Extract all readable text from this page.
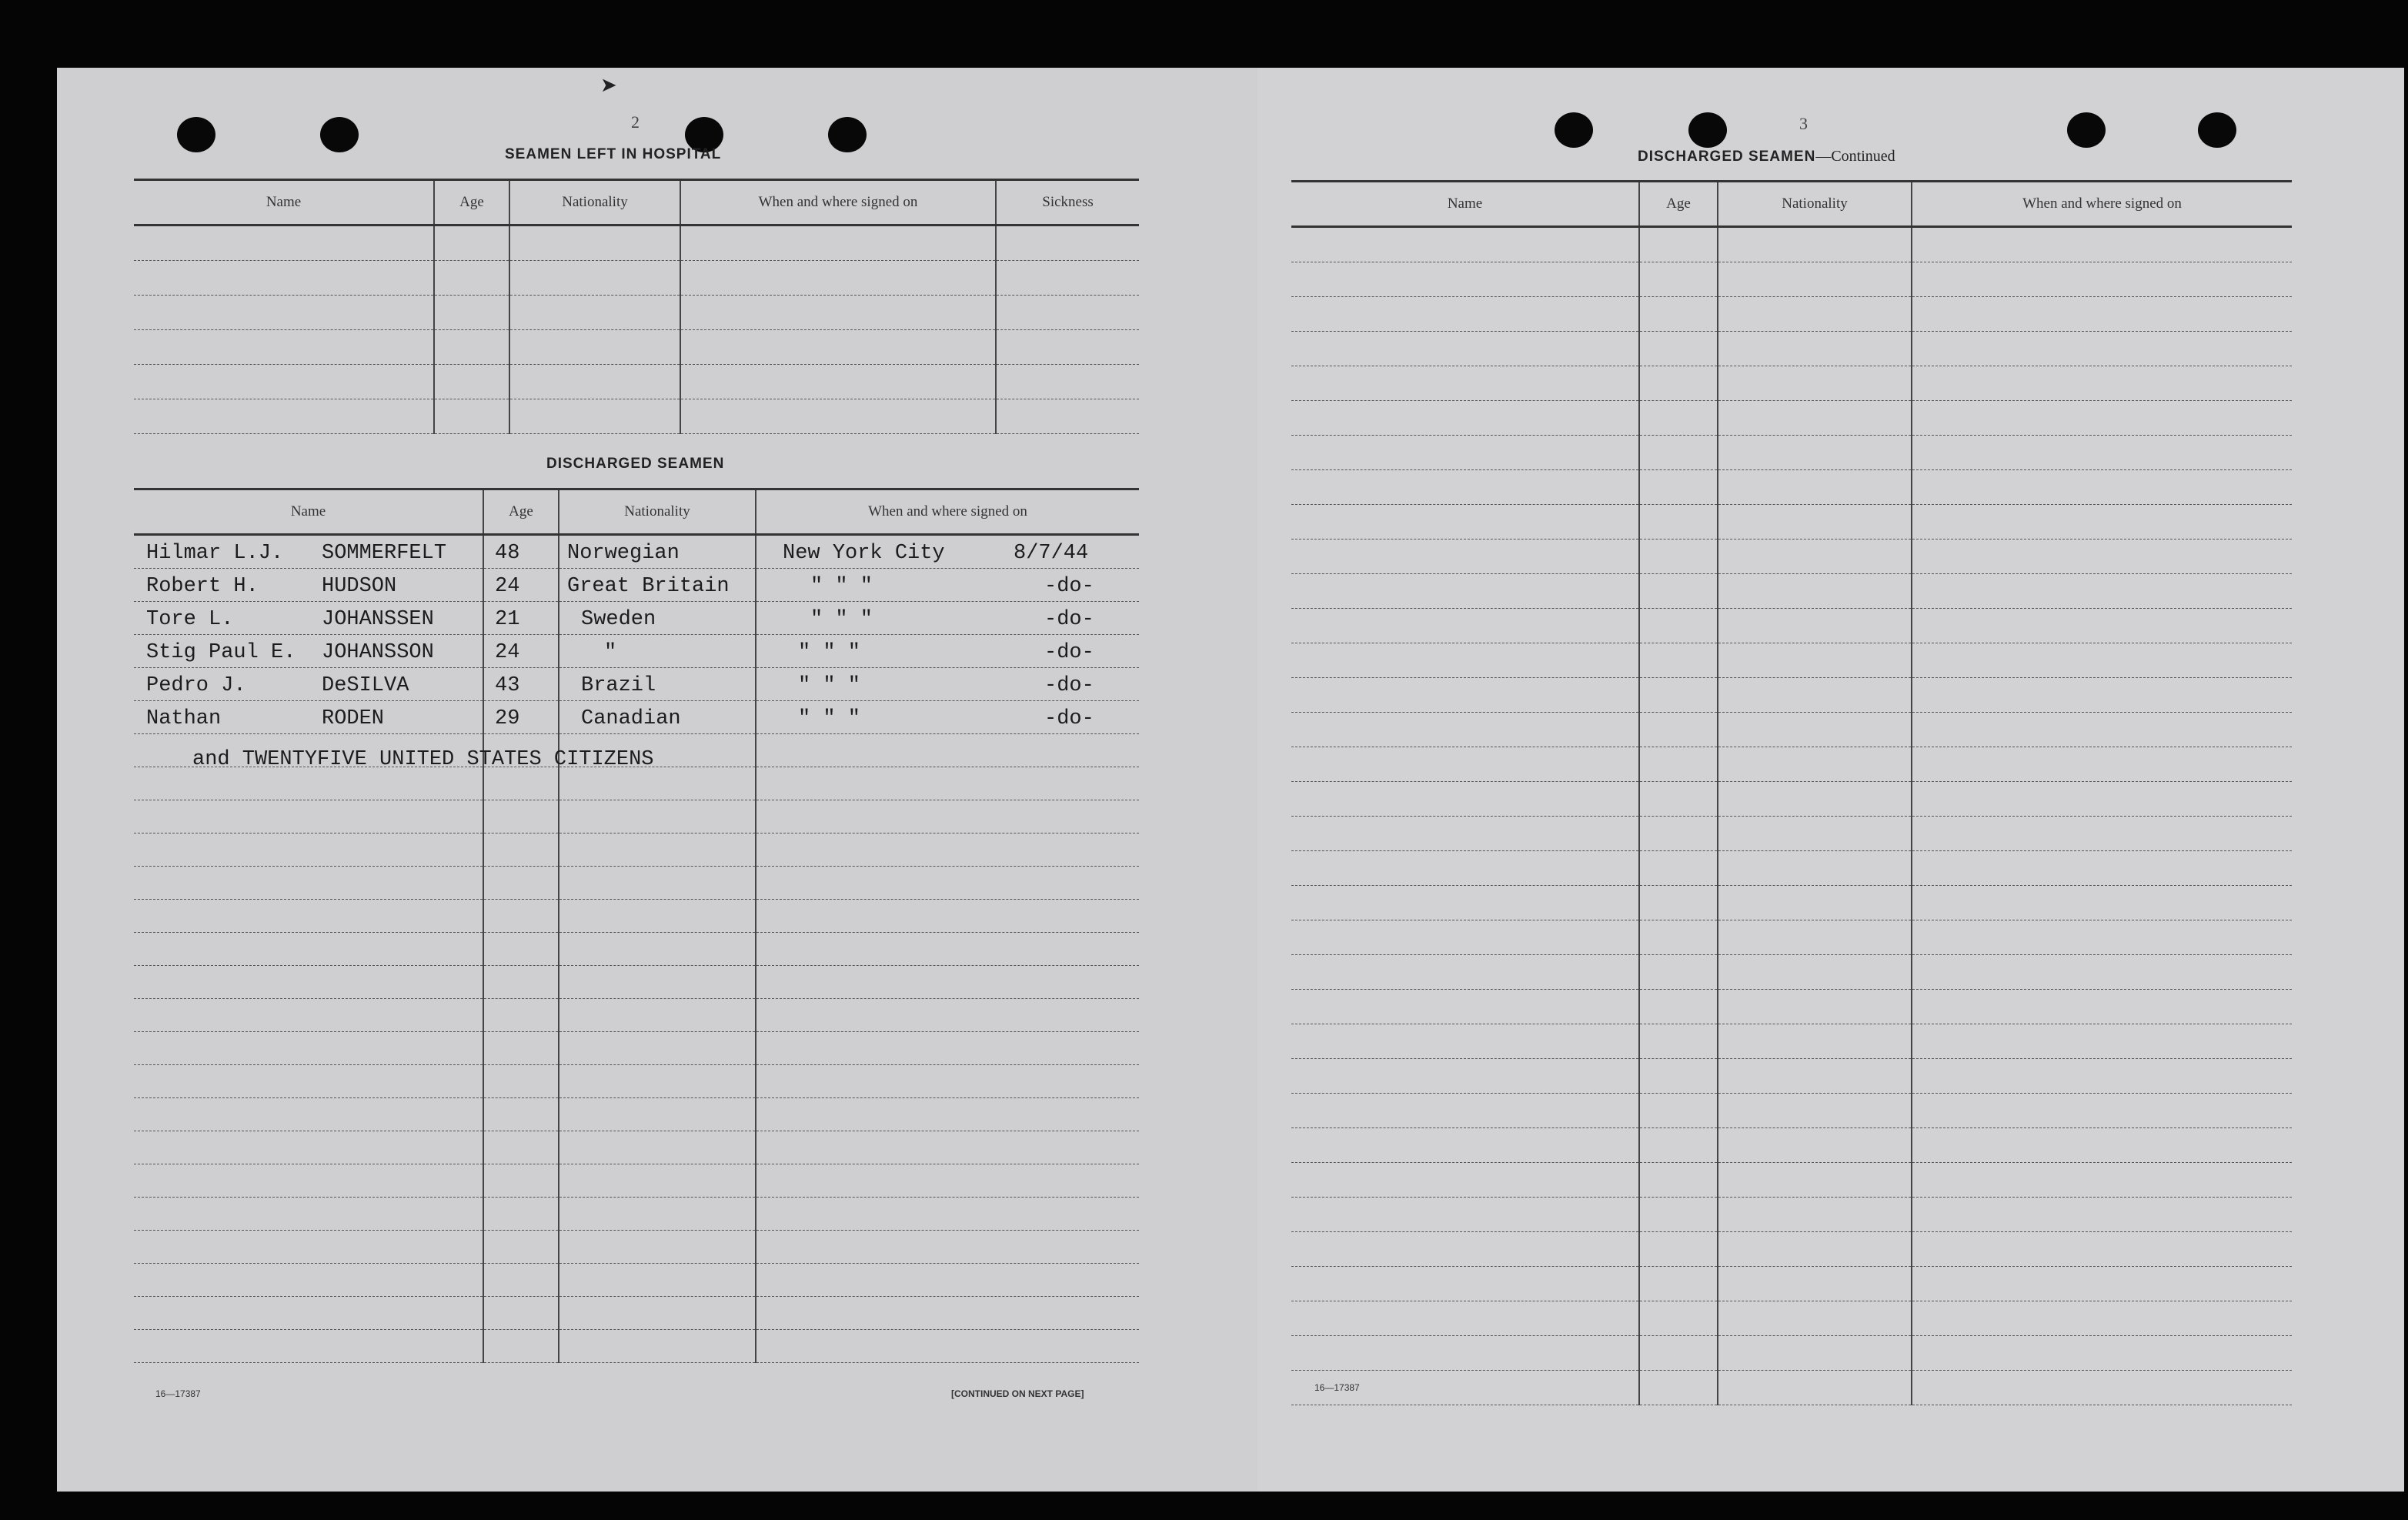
➤
2
SEAMEN LEFT IN HOSPITAL
Name	Age	Nationality	When and where signed on	Sickness

DISCHARGED SEAMEN
Name	Age	Nationality	When and where signed on

Hilmar L.J. SOMMERFELT	48	Norwegian	New York City 8/7/44

Robert H. HUDSON	24	Great Britain	" " " -do-

Tore L. JOHANSSEN	21	Sweden	" " " -do-

Stig Paul E. JOHANSSON	24	"	" " " -do-

Pedro J. DeSILVA	43	Brazil	" " " -do-

Nathan RODEN	29	Canadian	" " " -do-

and TWENTYFIVE UNITED STATES CITIZENS
16—17387	[CONTINUED ON NEXT PAGE]
3
DISCHARGED SEAMEN—Continued
Name	Age	Nationality	When and where signed on

16—17387
